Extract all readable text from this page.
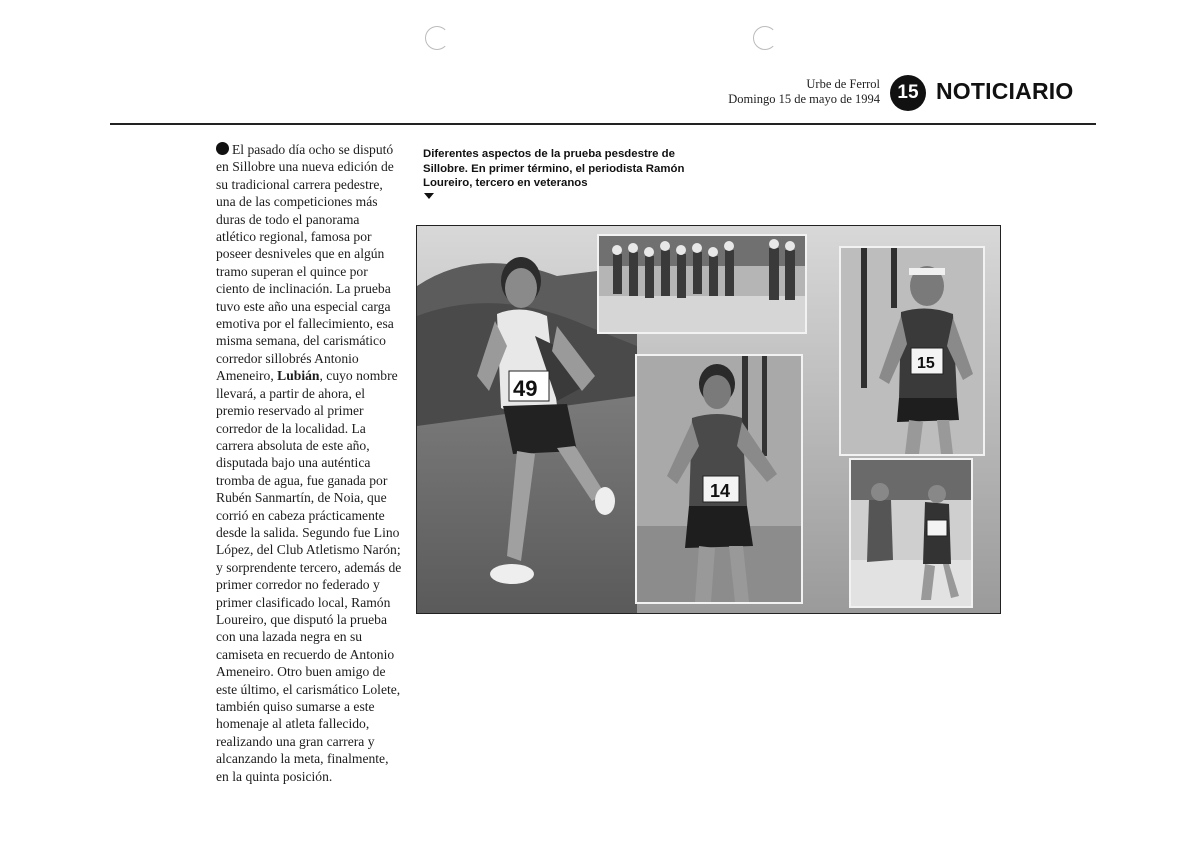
Urbe de Ferrol
Domingo 15 de mayo de 1994 15 NOTICIARIO

El pasado día ocho se disputó en Sillobre una nueva edición de su tradicional carrera pedestre, una de las competiciones más duras de todo el panorama atlético regional, famosa por poseer desniveles que en algún tramo superan el quince por ciento de inclinación. La prueba tuvo este año una especial carga emotiva por el fallecimiento, esa misma semana, del carismático corredor sillobrés Antonio Ameneiro, Lubián, cuyo nombre llevará, a partir de ahora, el premio reservado al primer corredor de la localidad. La carrera absoluta de este año, disputada bajo una auténtica tromba de agua, fue ganada por Rubén Sanmartín, de Noia, que corrió en cabeza prácticamente desde la salida. Segundo fue Lino López, del Club Atletismo Narón; y sorprendente tercero, además de primer corredor no federado y primer clasificado local, Ramón Loureiro, que disputó la prueba con una lazada negra en su camiseta en recuerdo de Antonio Ameneiro. Otro buen amigo de este último, el carismático Lolete, también quiso sumarse a este homenaje al atleta fallecido, realizando una gran carrera y alcanzando la meta, finalmente, en la quinta posición.

Diferentes aspectos de la prueba pesdestre de Sillobre. En primer término, el periodista Ramón Loureiro, tercero en veteranos
49
14
15
